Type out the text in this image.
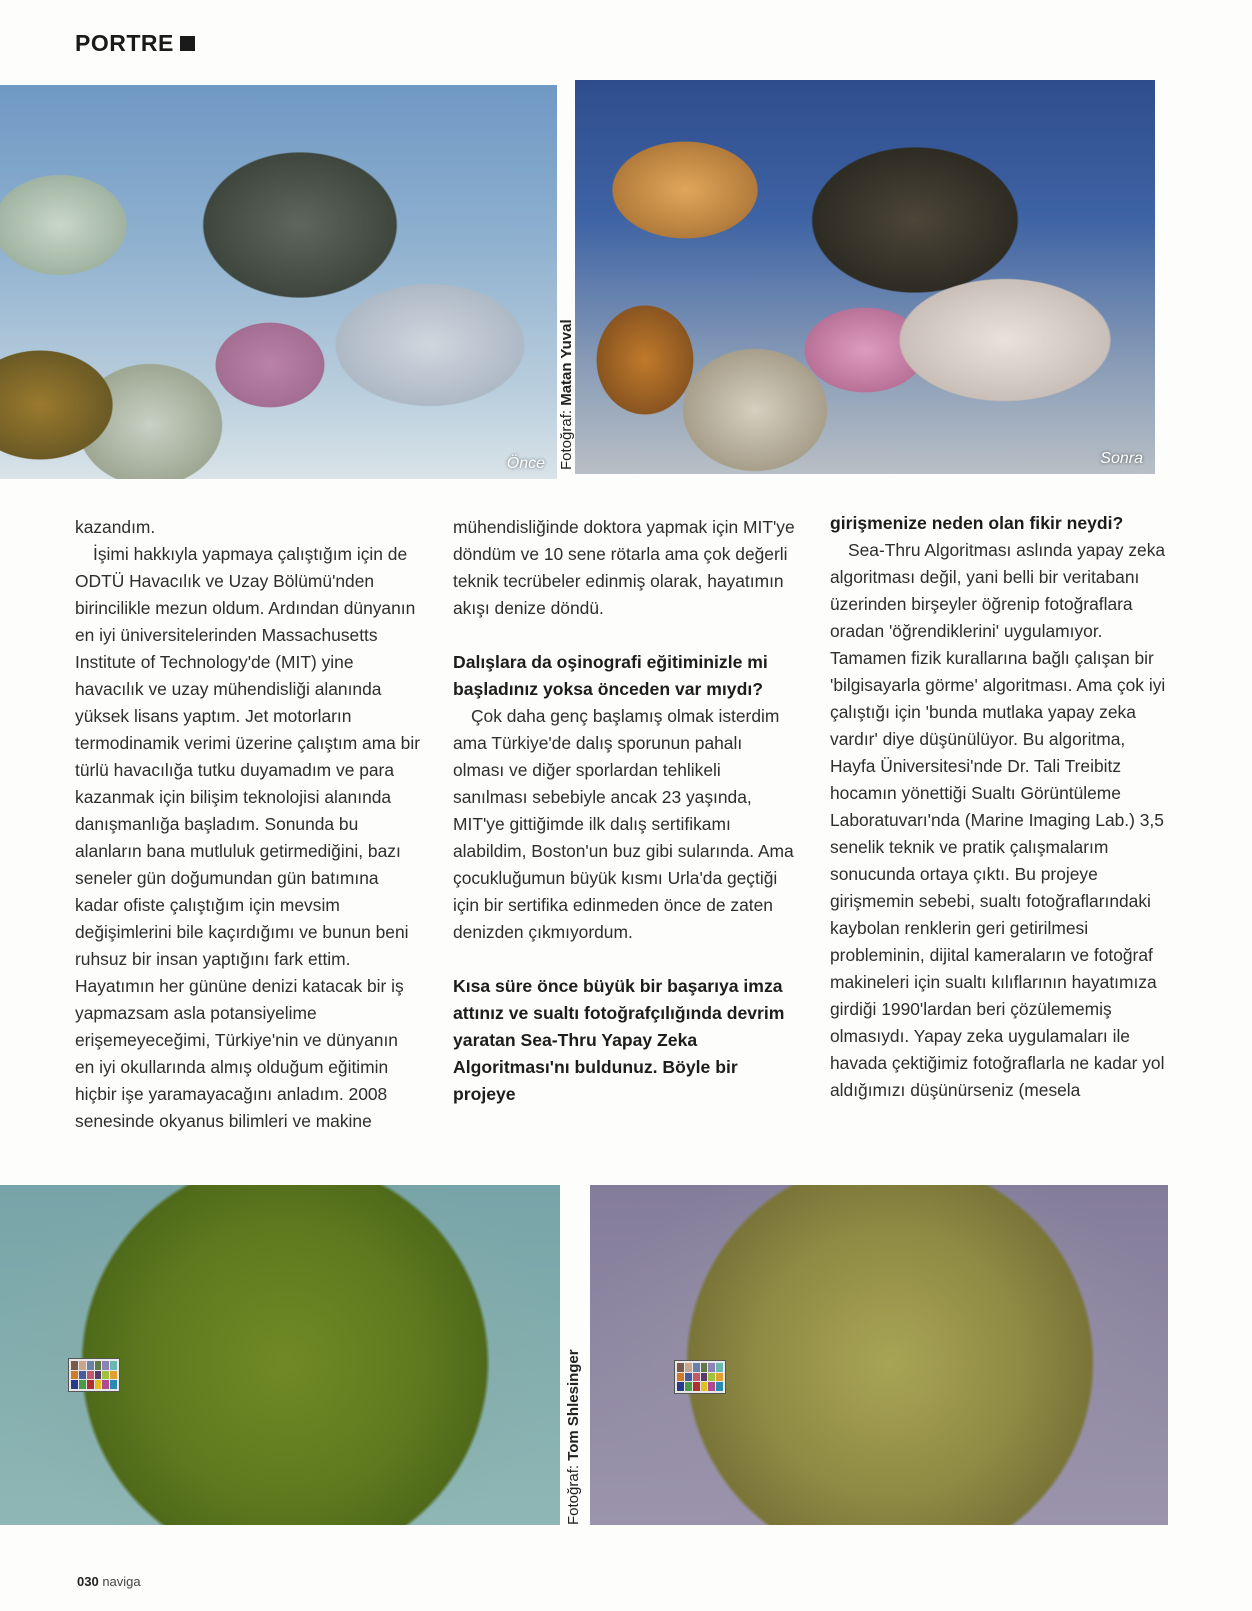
PORTRE
Önce Fotoğraf: Matan Yuval
Sonra

kazandım.

İşimi hakkıyla yapmaya çalıştığım için de ODTÜ Havacılık ve Uzay Bölümü'nden birincilikle mezun oldum. Ardından dünyanın en iyi üniversitelerinden Massachusetts Institute of Technology'de (MIT) yine havacılık ve uzay mühendisliği alanında yüksek lisans yaptım. Jet motorların termodinamik verimi üzerine çalıştım ama bir türlü havacılığa tutku duyamadım ve para kazanmak için bilişim teknolojisi alanında danışmanlığa başladım. Sonunda bu alanların bana mutluluk getirmediğini, bazı seneler gün doğumundan gün batımına kadar ofiste çalıştığım için mevsim değişimlerini bile kaçırdığımı ve bunun beni ruhsuz bir insan yaptığını fark ettim. Hayatımın her gününe denizi katacak bir iş yapmazsam asla potansiyelime erişemeyeceğimi, Türkiye'nin ve dünyanın en iyi okullarında almış olduğum eğitimin hiçbir işe yaramayacağını anladım. 2008 senesinde okyanus bilimleri ve makine

mühendisliğinde doktora yapmak için MIT'ye döndüm ve 10 sene rötarla ama çok değerli teknik tecrübeler edinmiş olarak, hayatımın akışı denize döndü.

Dalışlara da oşinografi eğitiminizle mi başladınız yoksa önceden var mıydı?

Çok daha genç başlamış olmak isterdim ama Türkiye'de dalış sporunun pahalı olması ve diğer sporlardan tehlikeli sanılması sebebiyle ancak 23 yaşında, MIT'ye gittiğimde ilk dalış sertifikamı alabildim, Boston'un buz gibi sularında. Ama çocukluğumun büyük kısmı Urla'da geçtiği için bir sertifika edinmeden önce de zaten denizden çıkmıyordum.

Kısa süre önce büyük bir başarıya imza attınız ve sualtı fotoğrafçılığında devrim yaratan Sea-Thru Yapay Zeka Algoritması'nı buldunuz. Böyle bir projeye
girişmenize neden olan fikir neydi?

Sea-Thru Algoritması aslında yapay zeka algoritması değil, yani belli bir veritabanı üzerinden birşeyler öğrenip fotoğraflara oradan 'öğrendiklerini' uygulamıyor. Tamamen fizik kurallarına bağlı çalışan bir 'bilgisayarla görme' algoritması. Ama çok iyi çalıştığı için 'bunda mutlaka yapay zeka vardır' diye düşünülüyor. Bu algoritma, Hayfa Üniversitesi'nde Dr. Tali Treibitz hocamın yönettiği Sualtı Görüntüleme Laboratuvarı'nda (Marine Imaging Lab.) 3,5 senelik teknik ve pratik çalışmalarım sonucunda ortaya çıktı. Bu projeye girişmemin sebebi, sualtı fotoğraflarındaki kaybolan renklerin geri getirilmesi probleminin, dijital kameraların ve fotoğraf makineleri için sualtı kılıflarının hayatımıza girdiği 1990'lardan beri çözülememiş olmasıydı. Yapay zeka uygulamaları ile havada çektiğimiz fotoğraflarla ne kadar yol aldığımızı düşünürseniz (mesela

Fotoğraf: Tom Shlesinger
030 naviga
